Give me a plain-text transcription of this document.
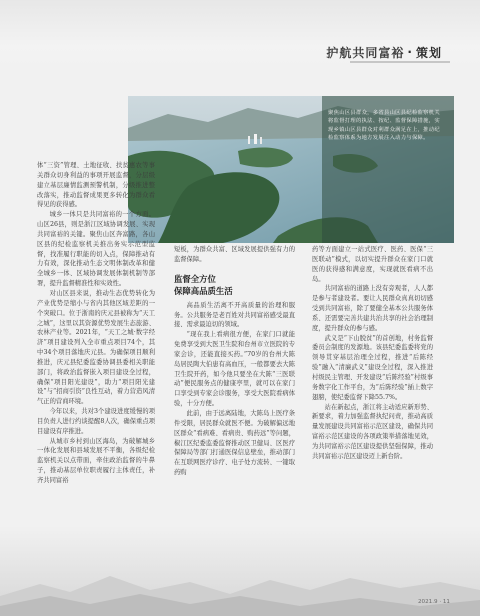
护航共同富裕 · 策划
聚焦山区县群众，多省县山区县纪检监察机关将监督打理的执法、按纪、监督保障措施，实现乡镇山区县群众对利群众满足在上，推动纪检监察体系为地方发展注入动力与保障。

体“三资”管理、土地征收、扶贫惠农等事关群众切身利益的事项开展监督，分层级建立基层廉情监测预警机制，分级推进整改落实，推动监督成果更多转化为群众看得见的获得感。

城乡一体只是共同富裕的一个方面。山区26县，则是浙江区域协调发展、实现共同富裕的关键。聚焦山区奔富路，各山区县的纪检监察机关推出务实示范型监督，找准履行职能的切入点，保障推动有力有效，深化推动生态文明体制改革和健全城乡一体、区域协调发展体制机制等部署，提升监督精准性和实效性。

对山区县来说，推动生态优势转化为产业优势是缩小与省内其他区域差距的一个突破口。位于浙南的庆元县被称为“天工之城”，这里以其资源优势发展生态旅游、农林产业等。2021年，“天工之城·数字经济”项目建设列入全市重点项目74个，其中34个项目落地庆元县。为确保项目顺利推进，庆元县纪委监委协调县委相关职能部门，将政治监督嵌入项目建设全过程，确保“项目阳光建设”，助力“项目阳光建设”与“招商引资”良性互动，着力营造风清气正的营商环境。

今年以来，共对3个建设进度缓慢的项目负责人进行约谈提醒8人次，确保重点项目建设有序推进。

从城市乡村到山区海岛，为破解城乡一体化发展和县域发展不平衡，各级纪检监察机关以点带面，牵住政治监督的牛鼻子，推动基层单位职责履行主体责任，补齐共同富裕

短板，为群众共富、区域发展提供强有力的监督保障。

监督全方位
保障高品质生活

高品质生活离不开高质量的治理和服务。公共服务是老百姓对共同富裕感受最直接、需求最迫切的领域。

“现在我上看病很方便，在家门口就能免费享受到大医卫生院和台州市立医院的专家会诊，还能直接买药。”70岁的台州大陈岛居民陶大伯患有高血压，一般都要去大陈卫生院开药，如今他只要坐在大陈“三医联动”便民服务点的健康亭里，就可以在家门口享受到专家会诊服务，享受大医院看病体验，十分方便。

此前，由于远离陆地，大陈岛上医疗条件受限，居民群众就医不便。为破解偏远地区群众“看病难、看病贵、购药远”等问题，椒江区纪委监委监督推动区卫健局、区医疗保障局等部门打通医保信息壁垒，推动部门在互联网医疗诊疗、电子处方流转、一键取药购

药等方面建立一站式医疗、医药、医保“三医联动”模式，以切实提升群众在家门口就医的获得感和满意度，实现就医看病不出岛。

共同富裕的道路上没有旁观者，人人都是参与者建设者。要让人民群众真真切切感受到共同富裕，除了要健全基本公共服务体系、还需要完善共建共治共享的社会治理制度，提升群众的参与感。

武义是“下山脱贫”的首创地，村务监督委员会制度的发源地。该县纪委监委将党的领导贯穿基层治理全过程，推进“后陈经验”融入“清廉武义”建设全过程，深入推进村级民主管理、开发建设“后陈经验”村级事务数字化工作平台，为“后陈经验”插上数字翅膀，使纪委监督下降55.7%。

站在新起点，浙江将主动适应新形势、新要求，着力加强监督执纪问责，推动高质量发展建设共同富裕示范区建设，确保共同富裕示范区建设的各项政策举措落地见效，为共同富裕示范区建设提供坚强保障，推动共同富裕示范区建设迈上新台阶。

2021.9 · 11
